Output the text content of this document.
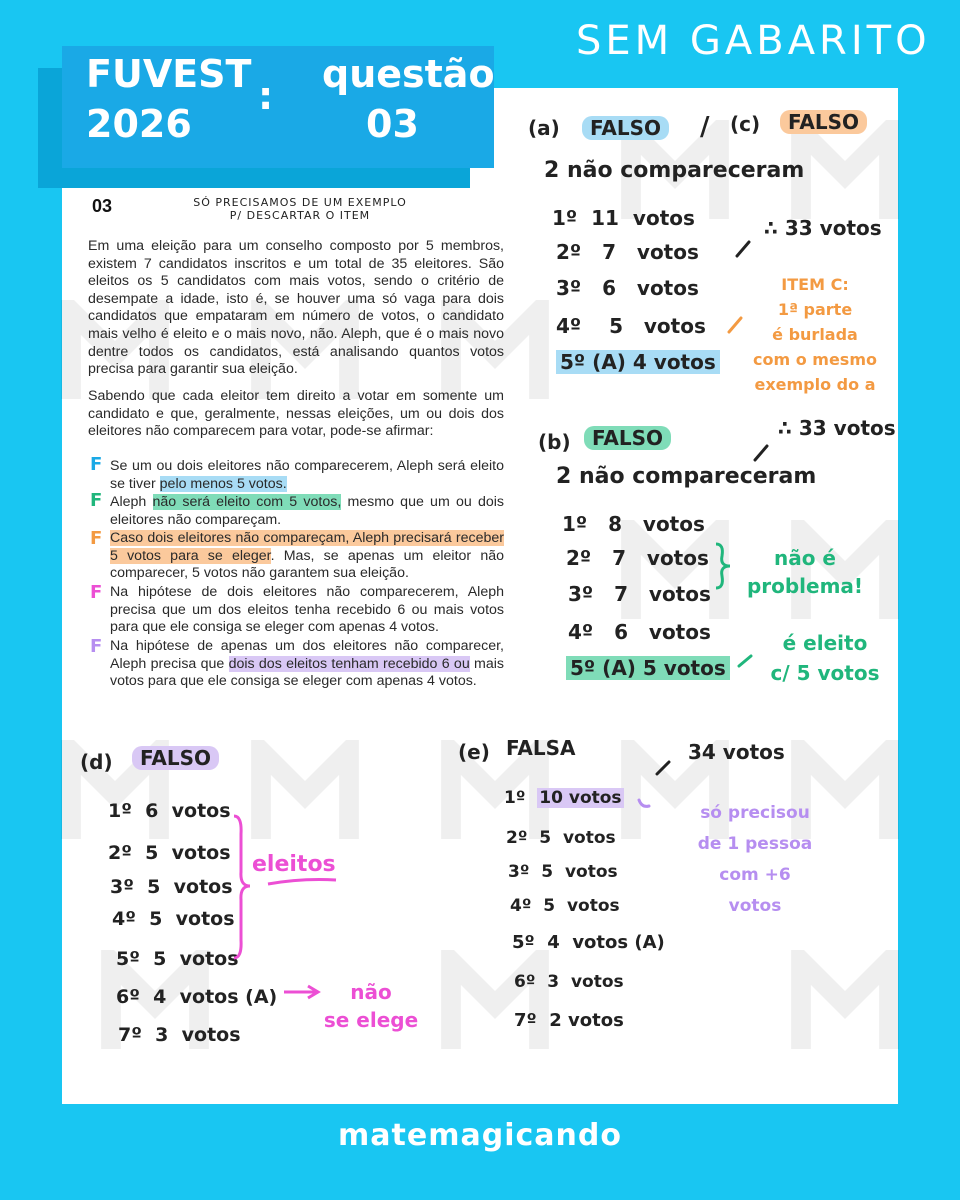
SEM GABARITO
FUVEST
2026
: questão
03
03	SÓ PRECISAMOS DE UM EXEMPLO
P/ DESCARTAR O ITEM
Em uma eleição para um conselho composto por 5 membros, existem 7 candidatos inscritos e um total de 35 eleitores. São eleitos os 5 candidatos com mais votos, sendo o critério de desempate a idade, isto é, se houver uma só vaga para dois candidatos que empataram em número de votos, o candidato mais velho é eleito e o mais novo, não. Aleph, que é o mais novo dentre todos os candidatos, está analisando quantos votos precisa para garantir sua eleição.
Sabendo que cada eleitor tem direito a votar em somente um candidato e que, geralmente, nessas eleições, um ou dois dos eleitores não comparecem para votar, pode-se afirmar:
F Se um ou dois eleitores não comparecerem, Aleph será eleito se tiver pelo menos 5 votos.
F Aleph não será eleito com 5 votos, mesmo que um ou dois eleitores não compareçam.
F Caso dois eleitores não compareçam, Aleph precisará receber 5 votos para se eleger. Mas, se apenas um eleitor não comparecer, 5 votos não garantem sua eleição.
F Na hipótese de dois eleitores não comparecerem, Aleph precisa que um dos eleitos tenha recebido 6 ou mais votos para que ele consiga se eleger com apenas 4 votos.
F Na hipótese de apenas um dos eleitores não comparecer, Aleph precisa que dois dos eleitos tenham recebido 6 ou mais votos para que ele consiga se eleger com apenas 4 votos.
(a)	FALSO	/ (c)	FALSO
2 não compareceram
1º 11 votos
2º 7 votos
3º 6 votos
4º 5 votos
5º (A) 4 votos
∴ 33 votos
ITEM C:
1ª parte
é burlada
com o mesmo
exemplo do a
(b)	FALSO	∴ 33 votos
2 não compareceram
1º 8 votos
2º 7 votos
3º 7 votos
4º 6 votos
5º (A) 5 votos
não é
problema!
é eleito
c/ 5 votos
(d)	FALSO
1º 6 votos
2º 5 votos
3º 5 votos
4º 5 votos
5º 5 votos
6º 4 votos (A)
7º 3 votos
eleitos
não
se elege
(e) FALSA	34 votos
1º 10 votos
2º 5 votos
3º 5 votos
4º 5 votos
5º 4 votos (A)
6º 3 votos
7º 2 votos
só precisou
de 1 pessoa
com +6
votos
matemagicando
